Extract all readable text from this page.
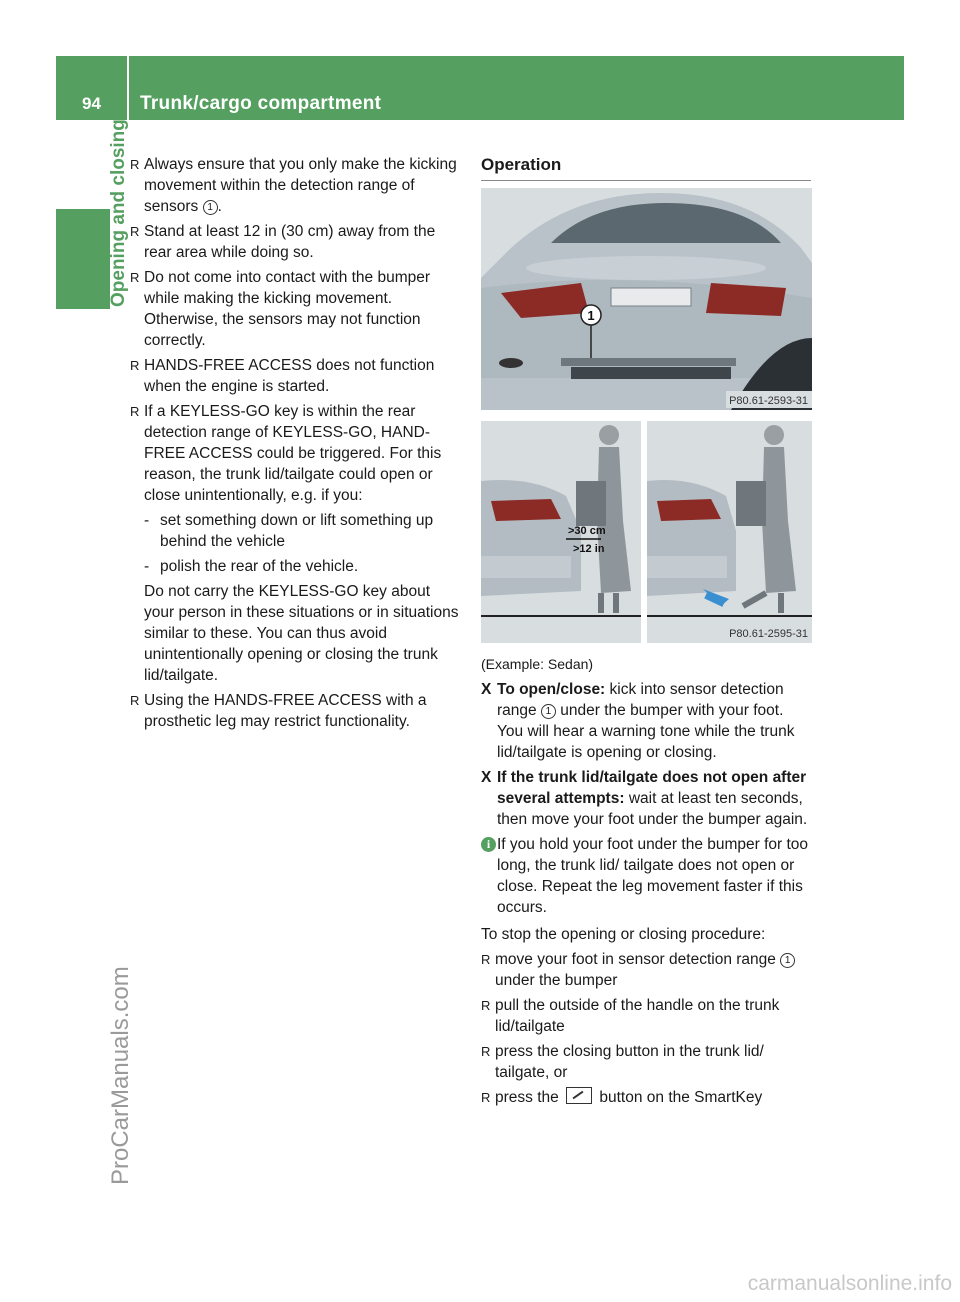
94 Trunk/cargo compartment
Opening and closing
ProCarManuals.com
carmanualsonline.info
R Always ensure that you only make the kicking movement within the detection range of sensors 1 .
R Stand at least 12 in (30 cm) away from the rear area while doing so.
R Do not come into contact with the bumper while making the kicking movement. Otherwise, the sensors may not function correctly.
R HANDS-FREE ACCESS does not function when the engine is started.
R If a KEYLESS-GO key is within the rear detection range of KEYLESS-GO, HAND-FREE ACCESS could be triggered. For this reason, the trunk lid/tailgate could open or close unintentionally, e.g. if you:
- set something down or lift something up behind the vehicle
- polish the rear of the vehicle.
Do not carry the KEYLESS-GO key about your person in these situations or in situations similar to these. You can thus avoid unintentionally opening or closing the trunk lid/tailgate.
R Using the HANDS-FREE ACCESS with a prosthetic leg may restrict functionality.
Operation
1
P80.61-2593-31
>30 cm
>12 in
P80.61-2595-31
(Example: Sedan)
X To open/close: kick into sensor detection range 1 under the bumper with your foot. You will hear a warning tone while the trunk lid/tailgate is opening or closing.
X If the trunk lid/tailgate does not open after several attempts: wait at least ten seconds, then move your foot under the bumper again.
i If you hold your foot under the bumper for too long, the trunk lid/ tailgate does not open or close. Repeat the leg movement faster if this occurs.
To stop the opening or closing procedure:
R move your foot in sensor detection range 1 under the bumper
R pull the outside of the handle on the trunk lid/tailgate
R press the closing button in the trunk lid/ tailgate, or
R press the
button on the SmartKey
